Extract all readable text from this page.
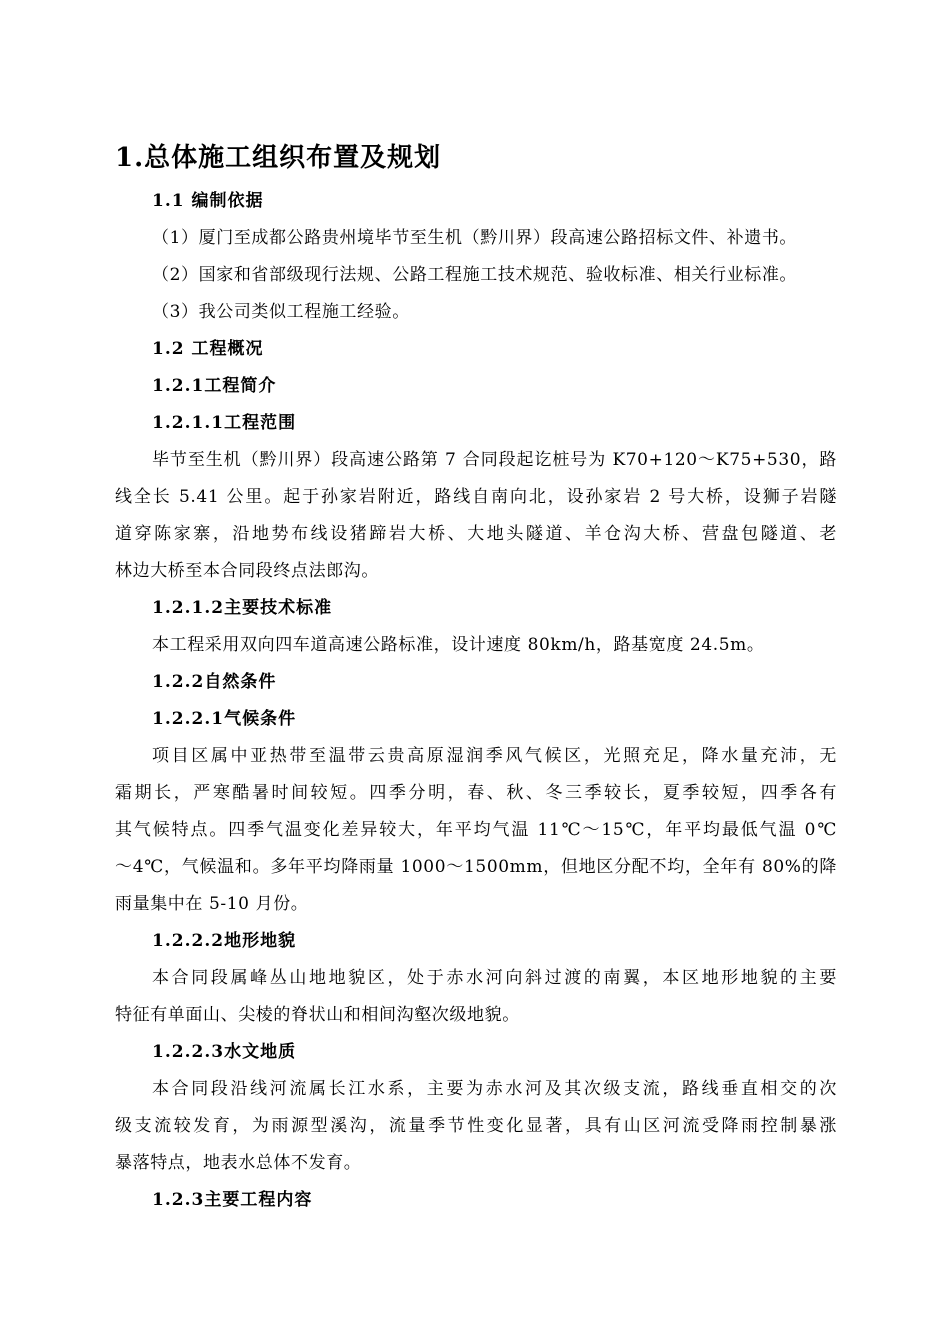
1.总体施工组织布置及规划
1.1 编制依据
（1）厦门至成都公路贵州境毕节至生机（黔川界）段高速公路招标文件、补遗书。
（2）国家和省部级现行法规、公路工程施工技术规范、验收标准、相关行业标准。
（3）我公司类似工程施工经验。
1.2 工程概况
1.2.1工程简介
1.2.1.1工程范围
毕节至生机（黔川界）段高速公路第 7 合同段起讫桩号为 K70+120～K75+530，路
线全长 5.41 公里。起于孙家岩附近，路线自南向北，设孙家岩 2 号大桥，设狮子岩隧
道穿陈家寨，沿地势布线设猪蹄岩大桥、大地头隧道、羊仓沟大桥、营盘包隧道、老
林边大桥至本合同段终点法郎沟。
1.2.1.2主要技术标准
本工程采用双向四车道高速公路标准，设计速度 80km/h，路基宽度 24.5m。
1.2.2自然条件
1.2.2.1气候条件
项目区属中亚热带至温带云贵高原湿润季风气候区，光照充足，降水量充沛，无
霜期长，严寒酷暑时间较短。四季分明，春、秋、冬三季较长，夏季较短，四季各有
其气候特点。四季气温变化差异较大，年平均气温 11℃～15℃，年平均最低气温 0℃
～4℃，气候温和。多年平均降雨量 1000～1500mm，但地区分配不均，全年有 80%的降
雨量集中在 5-10 月份。
1.2.2.2地形地貌
本合同段属峰丛山地地貌区，处于赤水河向斜过渡的南翼，本区地形地貌的主要
特征有单面山、尖棱的脊状山和相间沟壑次级地貌。
1.2.2.3水文地质
本合同段沿线河流属长江水系，主要为赤水河及其次级支流，路线垂直相交的次
级支流较发育，为雨源型溪沟，流量季节性变化显著，具有山区河流受降雨控制暴涨
暴落特点，地表水总体不发育。
1.2.3主要工程内容
